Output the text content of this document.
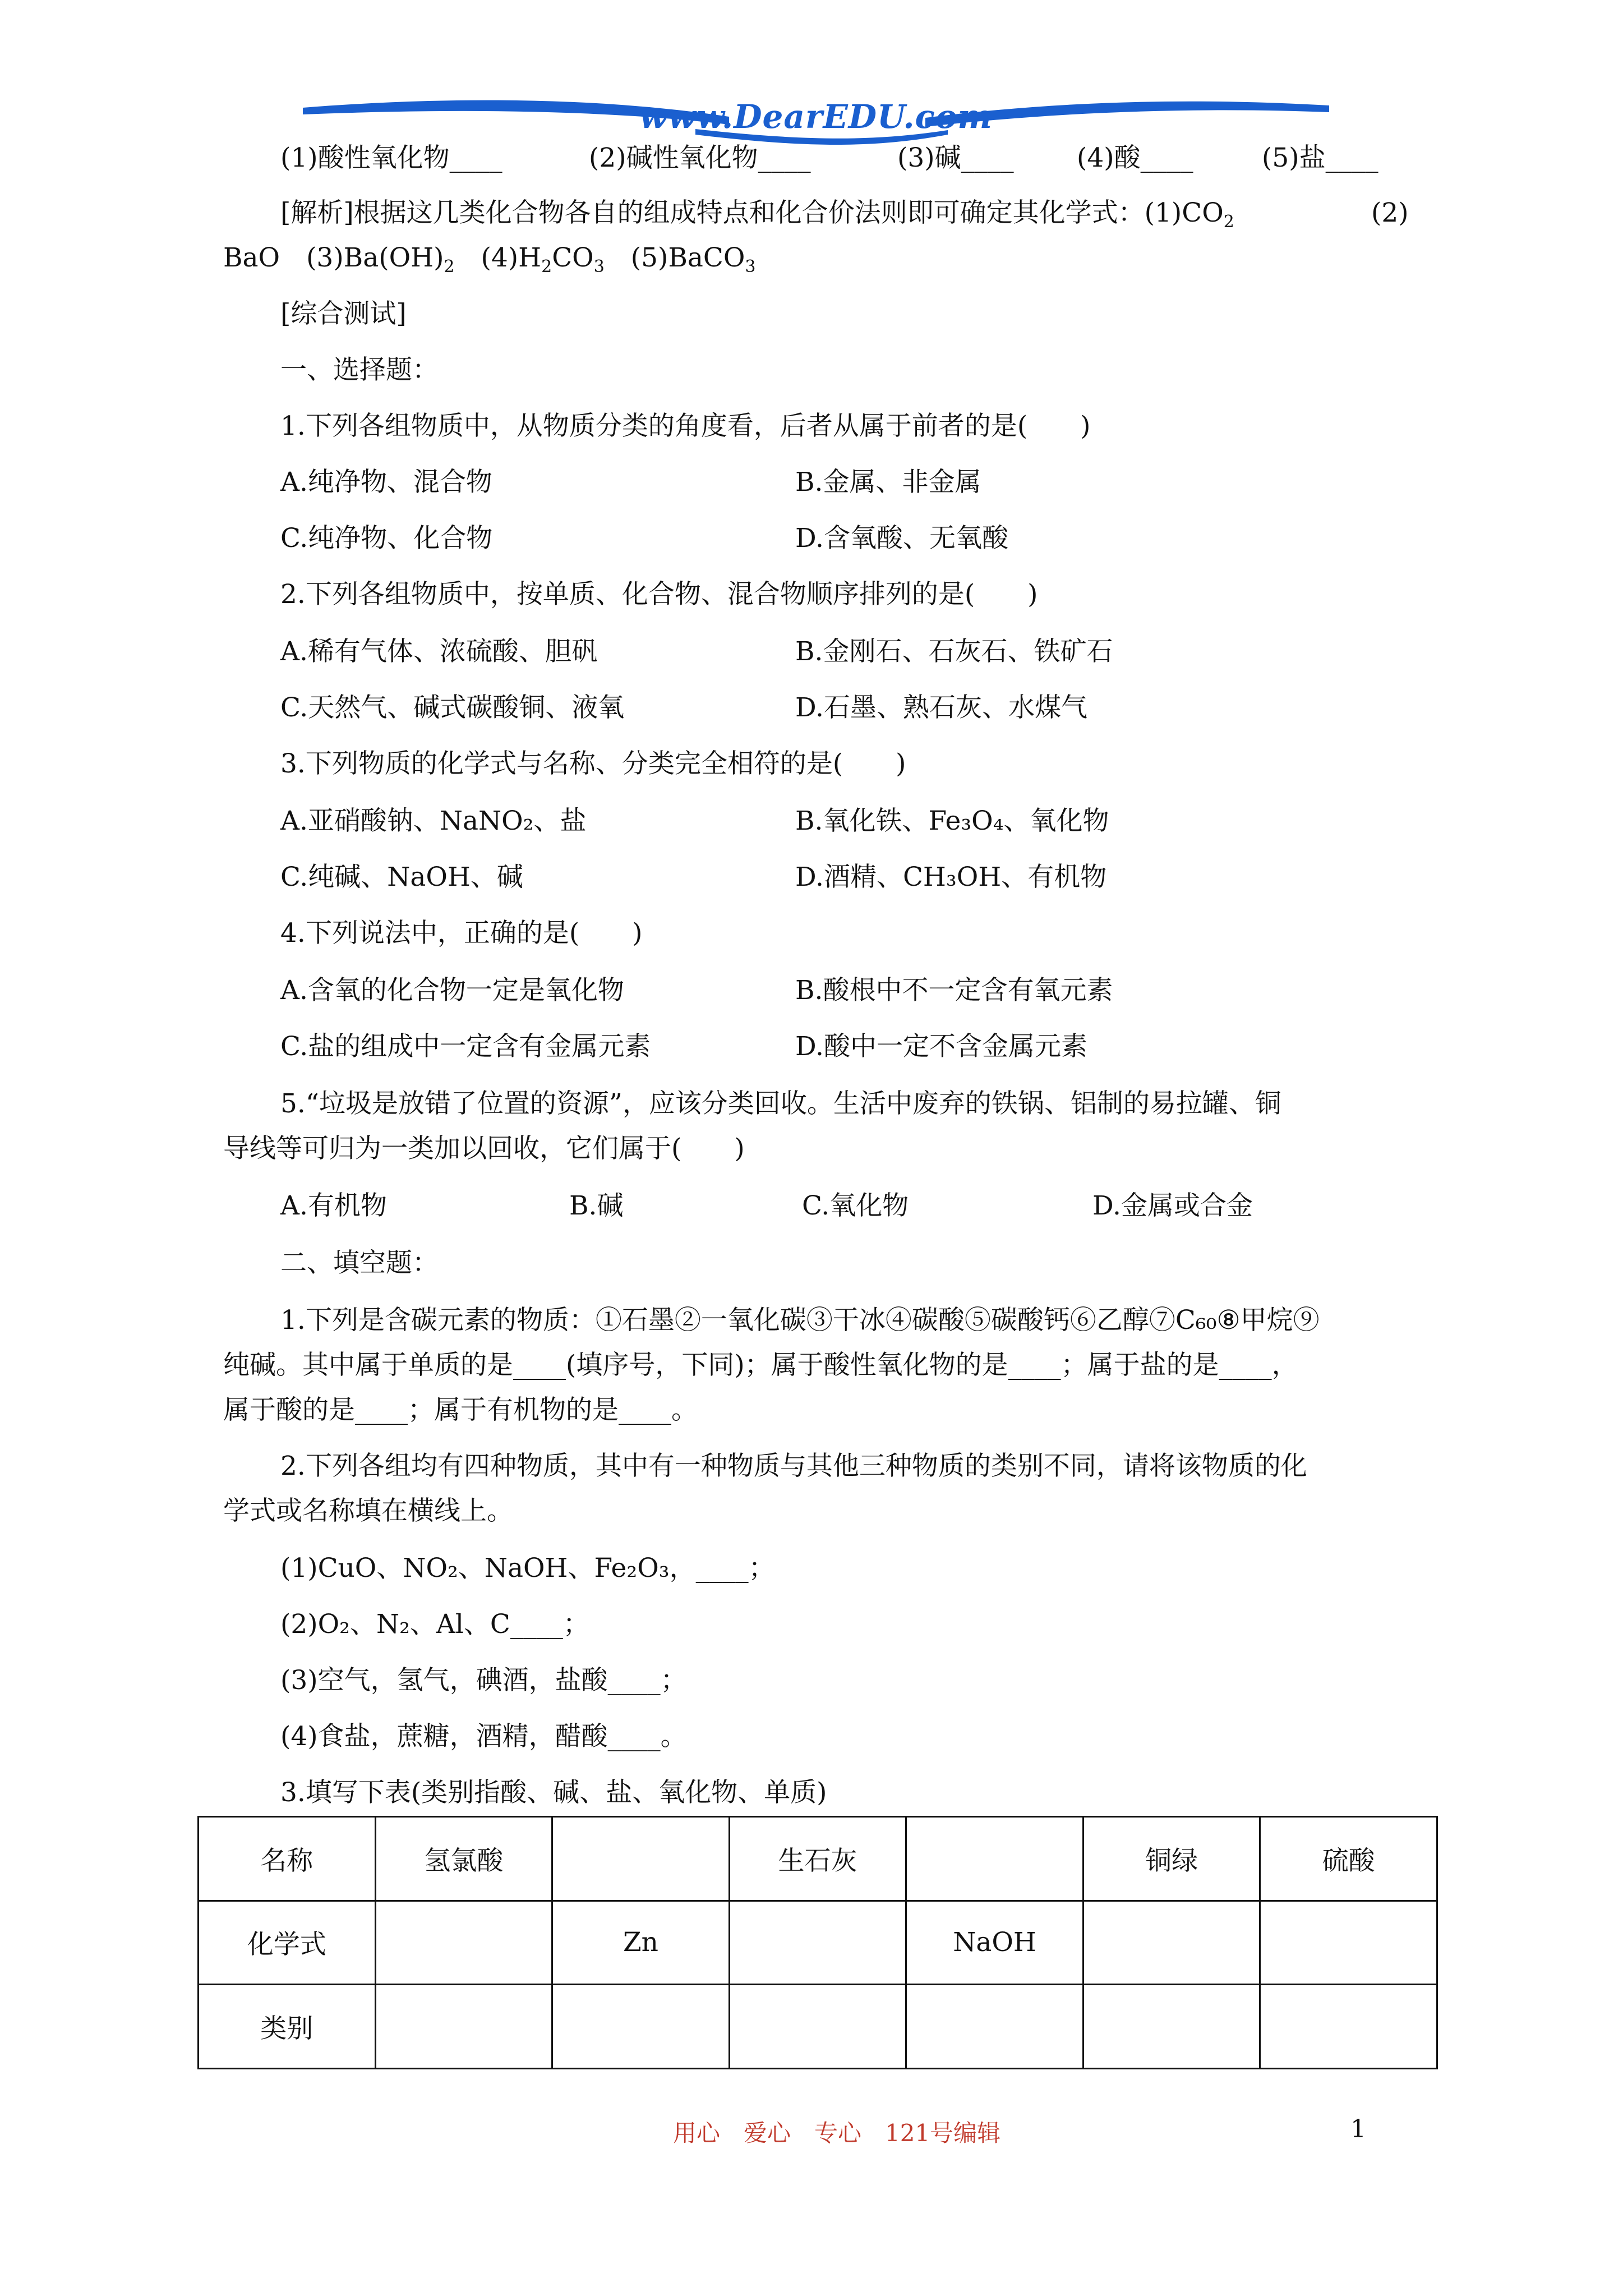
www.DearEDU.com
(1)酸性氧化物____	(2)碱性氧化物____	(3)碱____ (4)酸____	(5)盐____
[解析]根据这几类化合物各自的组成特点和化合价法则即可确定其化学式：$(1)CO_2$	(2)
BaO　$(3)Ba(OH)_2$　$(4)H_2CO_3$　(5)BaCO$_3$
[综合测试]
一、选择题：
1.下列各组物质中，从物质分类的角度看，后者从属于前者的是(　　)
A.纯净物、混合物	B.金属、非金属
C.纯净物、化合物	D.含氧酸、无氧酸
2.下列各组物质中，按单质、化合物、混合物顺序排列的是(　　)
A.稀有气体、浓硫酸、胆矾	B.金刚石、石灰石、铁矿石
C.天然气、碱式碳酸铜、液氧	D.石墨、熟石灰、水煤气
3.下列物质的化学式与名称、分类完全相符的是(　　)
A.亚硝酸钠、NaNO₂、盐	B.氧化铁、Fe₃O₄、氧化物
C.纯碱、NaOH、碱	D.酒精、CH₃OH、有机物
4.下列说法中，正确的是(　　)
A.含氧的化合物一定是氧化物	B.酸根中不一定含有氧元素
C.盐的组成中一定含有金属元素	D.酸中一定不含金属元素
5.“垃圾是放错了位置的资源”，应该分类回收。生活中废弃的铁锅、铝制的易拉罐、铜
导线等可归为一类加以回收，它们属于(　　)
A.有机物	B.碱	C.氧化物	D.金属或合金
二、填空题：
1.下列是含碳元素的物质：①石墨②一氧化碳③干冰④碳酸⑤碳酸钙⑥乙醇⑦C₆₀⑧甲烷⑨
纯碱。其中属于单质的是____(填序号，下同)；属于酸性氧化物的是____；属于盐的是____，
属于酸的是____；属于有机物的是____。
2.下列各组均有四种物质，其中有一种物质与其他三种物质的类别不同，请将该物质的化
学式或名称填在横线上。
(1)CuO、NO₂、NaOH、Fe₂O₃，____；
(2)O₂、N₂、Al、C____；
(3)空气，氢气，碘酒，盐酸____；
(4)食盐，蔗糖，酒精，醋酸____。
3.填写下表(类别指酸、碱、盐、氧化物、单质)
名称	氢氯酸		生石灰		铜绿	硫酸
化学式		Zn		NaOH		
类别						
用心　爱心　专心　121号编辑	1
